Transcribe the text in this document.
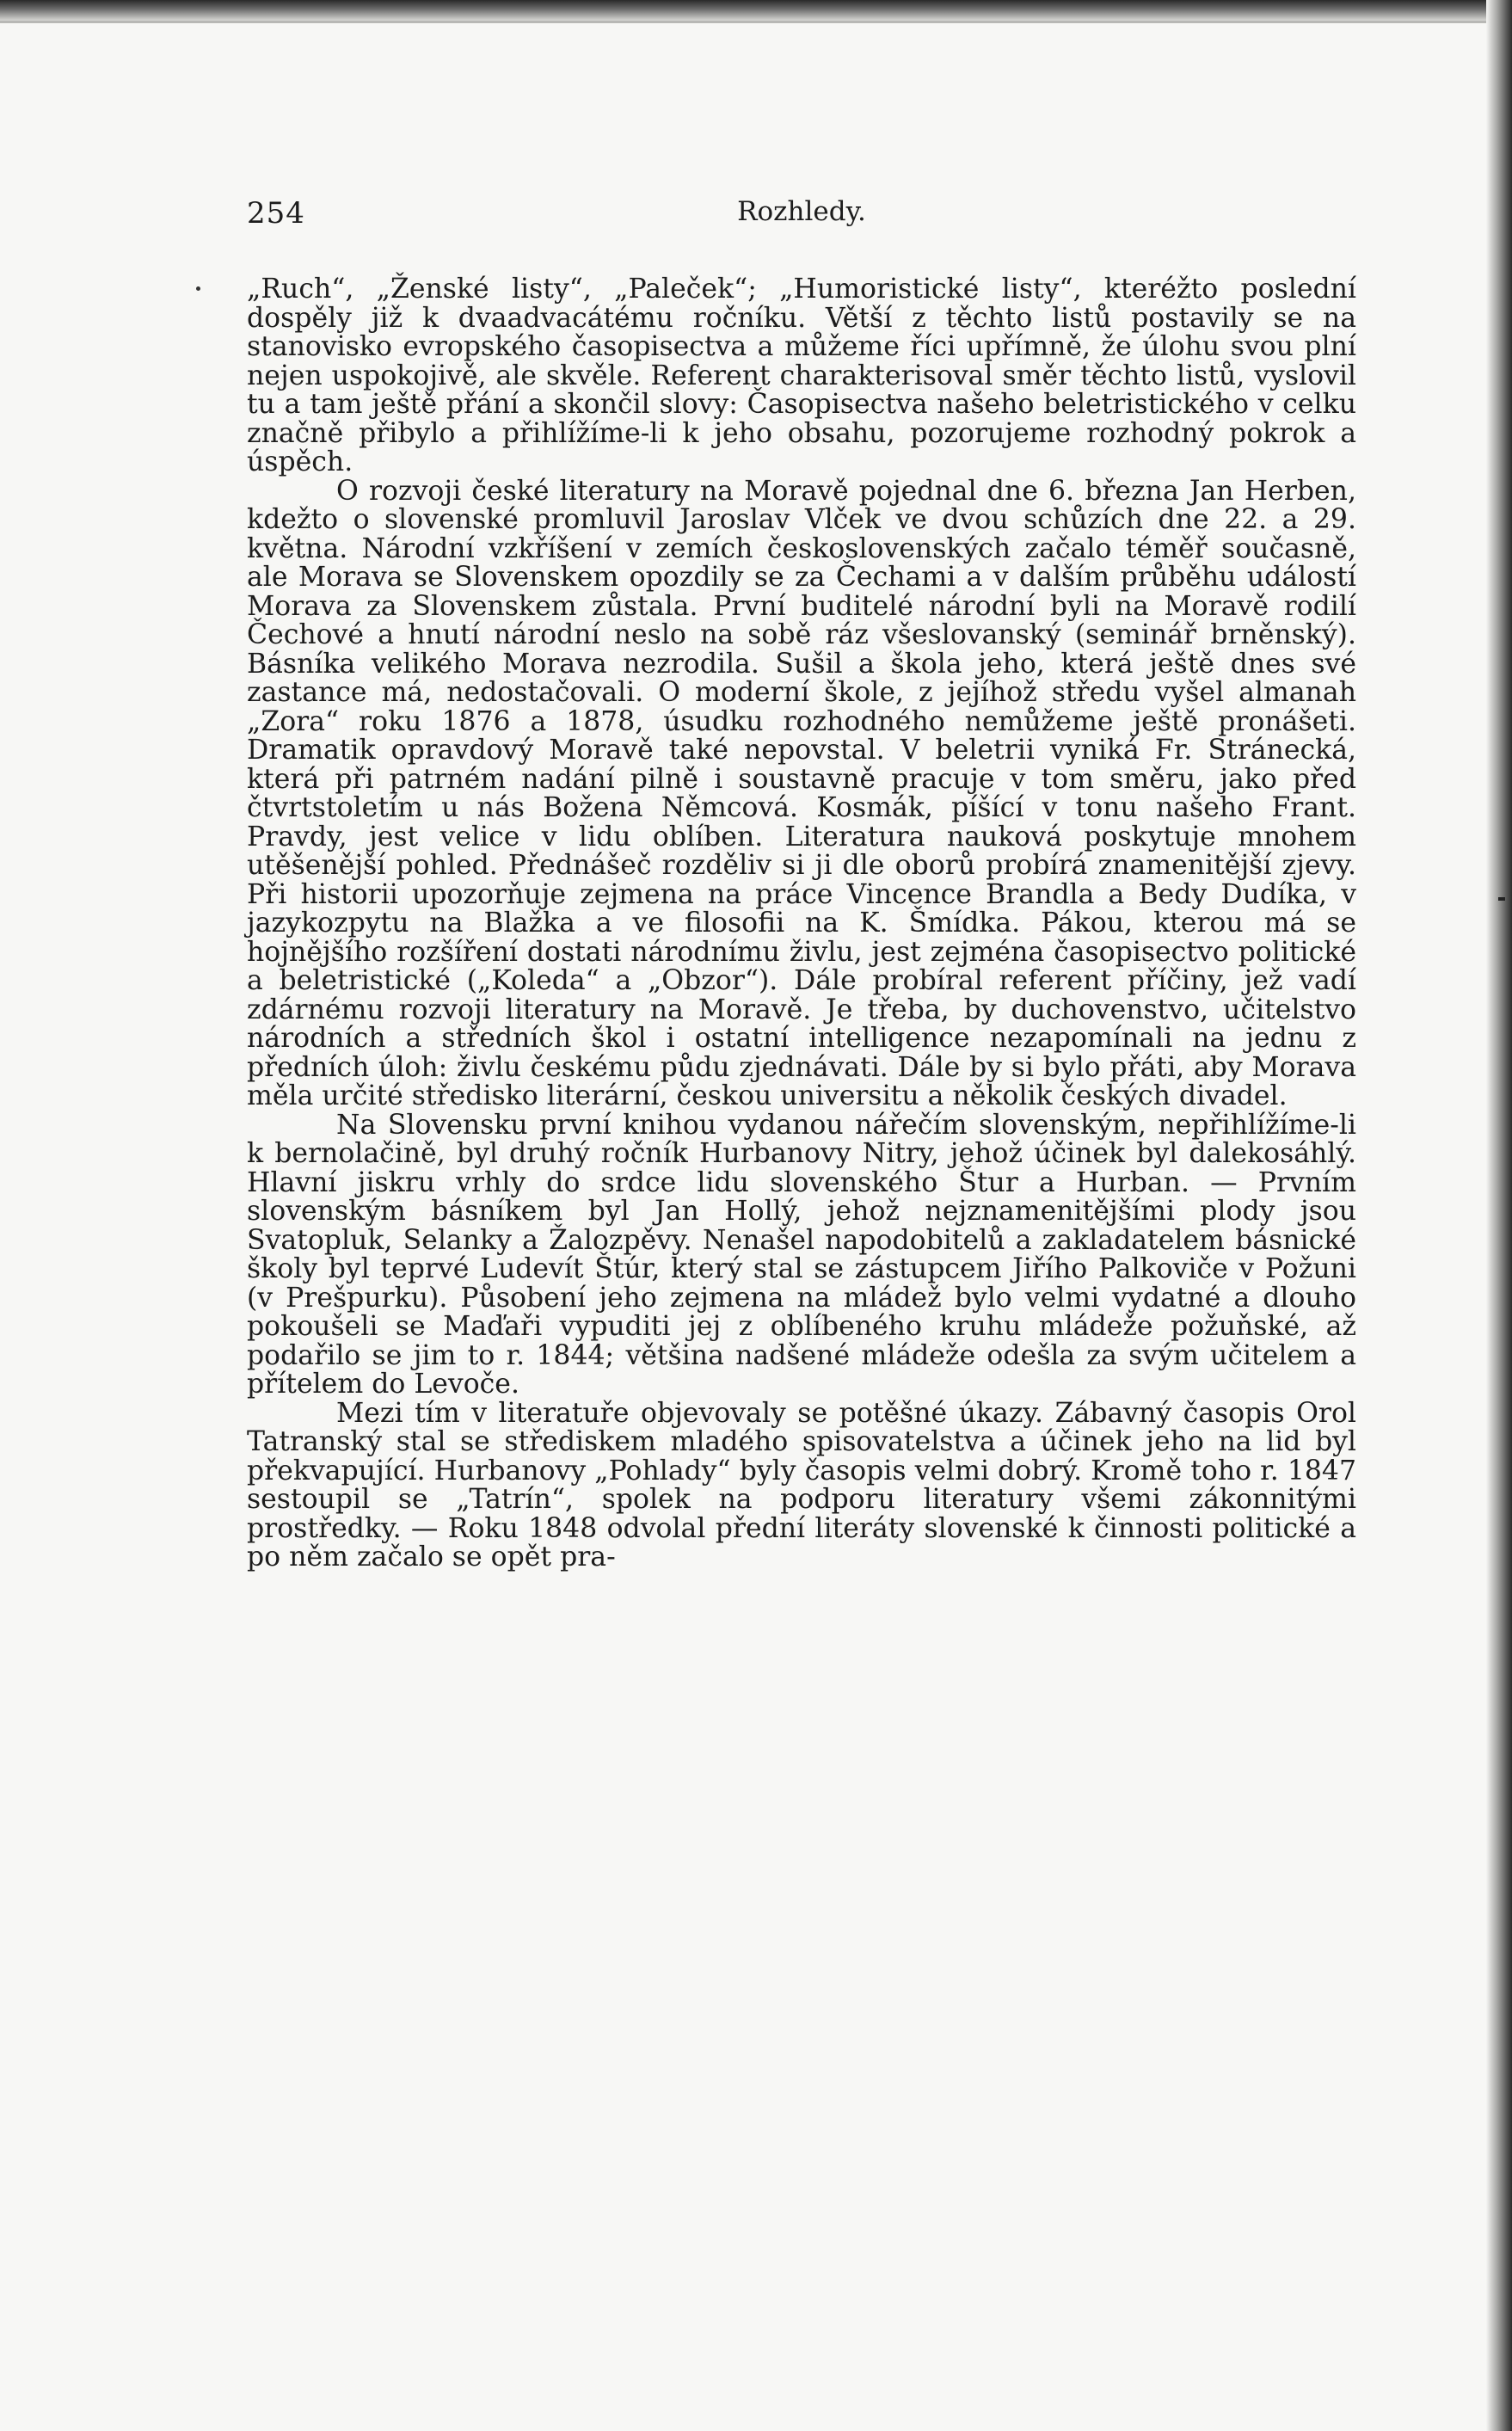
254	Rozhledy.

„Ruch“, „Ženské listy“, „Paleček“; „Humoristické listy“, kteréžto poslední dospěly již k dvaadvacátému ročníku. Větší z těchto listů postavily se na stanovisko evropského časopisectva a můžeme říci upřímně, že úlohu svou plní nejen uspokojivě, ale skvěle. Referent charakterisoval směr těchto listů, vyslovil tu a tam ještě přání a skončil slovy: Časopisectva našeho beletristického v celku značně přibylo a přihlížíme-li k jeho obsahu, pozorujeme rozhodný pokrok a úspěch.

O rozvoji české literatury na Moravě pojednal dne 6. března Jan Herben, kdežto o slovenské promluvil Jaroslav Vlček ve dvou schůzích dne 22. a 29. května. Národní vzkříšení v zemích československých začalo téměř současně, ale Morava se Slovenskem opozdily se za Čechami a v dalším průběhu událostí Morava za Slovenskem zůstala. První buditelé národní byli na Moravě rodilí Čechové a hnutí národní neslo na sobě ráz všeslovanský (seminář brněnský). Básníka velikého Morava nezrodila. Sušil a škola jeho, která ještě dnes své zastance má, nedostačovali. O moderní škole, z jejíhož středu vyšel almanah „Zora“ roku 1876 a 1878, úsudku rozhodného nemůžeme ještě pronášeti. Dramatik opravdový Moravě také nepovstal. V beletrii vyniká Fr. Stránecká, která při patrném nadání pilně i soustavně pracuje v tom směru, jako před čtvrtstoletím u nás Božena Němcová. Kosmák, píšící v tonu našeho Frant. Pravdy, jest velice v lidu oblíben. Literatura nauková poskytuje mnohem utěšenější pohled. Přednášeč rozděliv si ji dle oborů probírá znamenitější zjevy. Při historii upozorňuje zejmena na práce Vincence Brandla a Bedy Dudíka, v jazykozpytu na Blažka a ve filosofii na K. Šmídka. Pákou, kterou má se hojnějšího rozšíření dostati národnímu živlu, jest zejména časopisectvo politické a beletristické („Koleda“ a „Obzor“). Dále probíral referent příčiny, jež vadí zdárnému rozvoji literatury na Moravě. Je třeba, by duchovenstvo, učitelstvo národních a středních škol i ostatní intelligence nezapomínali na jednu z předních úloh: živlu českému půdu zjednávati. Dále by si bylo přáti, aby Morava měla určité středisko literární, českou universitu a několik českých divadel.

Na Slovensku první knihou vydanou nářečím slovenským, nepřihlížíme-li k bernolačině, byl druhý ročník Hurbanovy Nitry, jehož účinek byl dalekosáhlý. Hlavní jiskru vrhly do srdce lidu slovenského Štur a Hurban. — Prvním slovenským básníkem byl Jan Hollý, jehož nejznamenitějšími plody jsou Svatopluk, Selanky a Žalozpěvy. Nenašel napodobitelů a zakladatelem básnické školy byl teprvé Ludevít Štúr, který stal se zástupcem Jiřího Palkoviče v Požuni (v Prešpurku). Působení jeho zejmena na mládež bylo velmi vydatné a dlouho pokoušeli se Maďaři vypuditi jej z oblíbeného kruhu mládeže požuňské, až podařilo se jim to r. 1844; většina nadšené mládeže odešla za svým učitelem a přítelem do Levoče.

Mezi tím v literatuře objevovaly se potěšné úkazy. Zábavný časopis Orol Tatranský stal se střediskem mladého spisovatelstva a účinek jeho na lid byl překvapující. Hurbanovy „Pohlady“ byly časopis velmi dobrý. Kromě toho r. 1847 sestoupil se „Tatrín“, spolek na podporu literatury všemi zákonnitými prostředky. — Roku 1848 odvolal přední literáty slovenské k činnosti politické a po něm začalo se opět pra-
